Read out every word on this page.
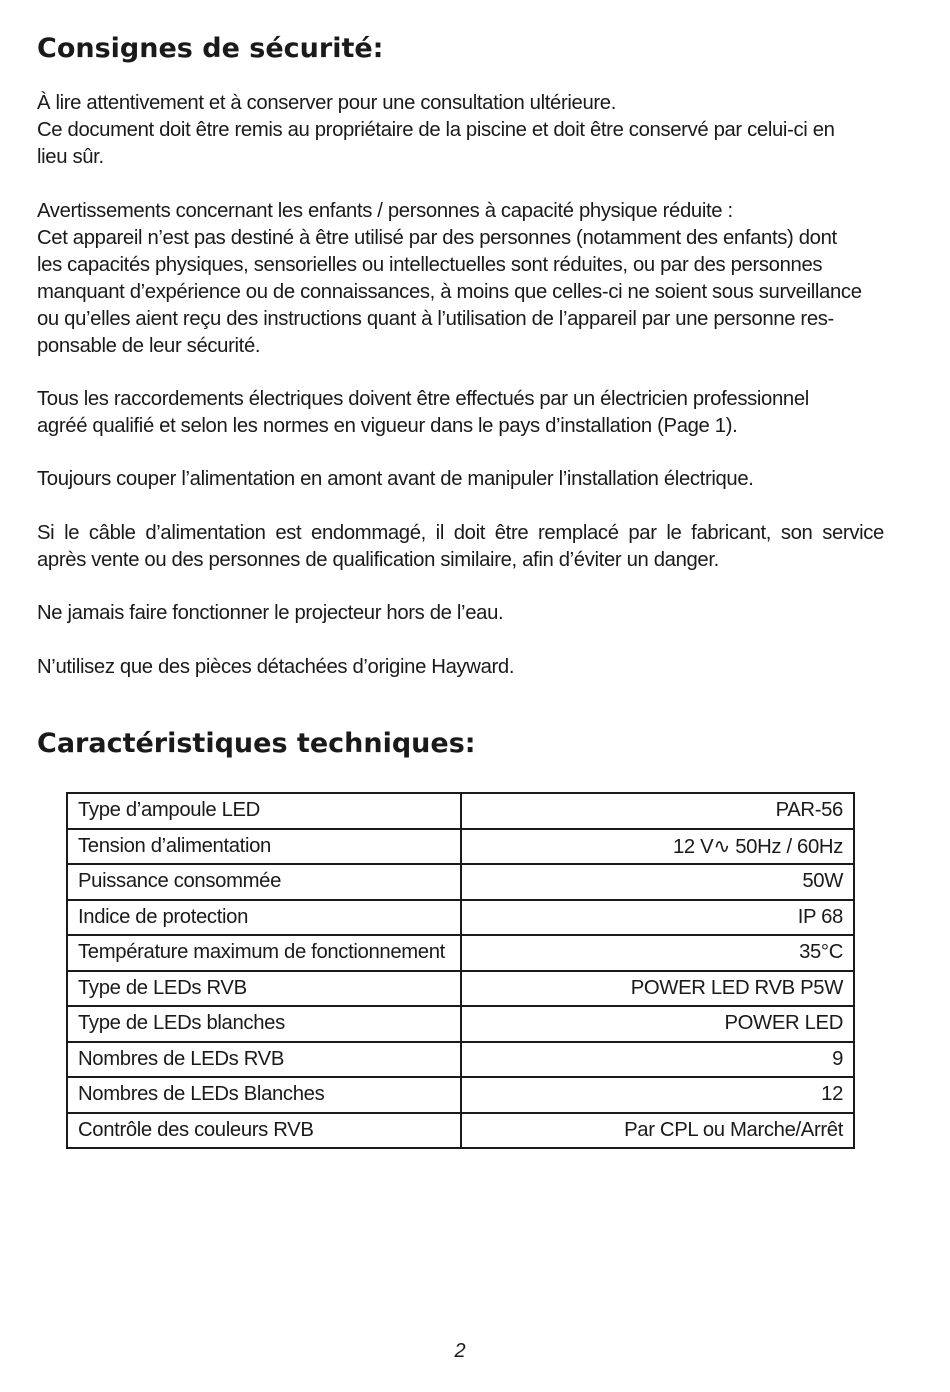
Consignes de sécurité:
À lire attentivement et à conserver pour une consultation ultérieure.
Ce document doit être remis au propriétaire de la piscine et doit être conservé par celui-ci en
lieu sûr.
Avertissements concernant les enfants / personnes à capacité physique réduite :
Cet appareil n’est pas destiné à être utilisé par des personnes (notamment des enfants) dont
les capacités physiques, sensorielles ou intellectuelles sont réduites, ou par des personnes
manquant d’expérience ou de connaissances, à moins que celles-ci ne soient sous surveillance
ou qu’elles aient reçu des instructions quant à l’utilisation de l’appareil par une personne res-
ponsable de leur sécurité.
Tous les raccordements électriques doivent être effectués par un électricien professionnel
agréé qualifié et selon les normes en vigueur dans le pays d’installation (Page 1).
Toujours couper l’alimentation en amont avant de manipuler l’installation électrique.
Si le câble d’alimentation est endommagé, il doit être remplacé par le fabricant, son service
après vente ou des personnes de qualification similaire, afin d’éviter un danger.
Ne jamais faire fonctionner le projecteur hors de l’eau.
N’utilisez que des pièces détachées d’origine Hayward.
Caractéristiques techniques:
Type d’ampoule LED	PAR-56
Tension d’alimentation	12 V∿ 50Hz / 60Hz
Puissance consommée	50W
Indice de protection	IP 68
Température maximum de fonctionnement	35°C
Type de LEDs RVB	POWER LED RVB P5W
Type de LEDs blanches	POWER LED
Nombres de LEDs RVB	9
Nombres de LEDs Blanches	12
Contrôle des couleurs RVB	Par CPL ou Marche/Arrêt
2
